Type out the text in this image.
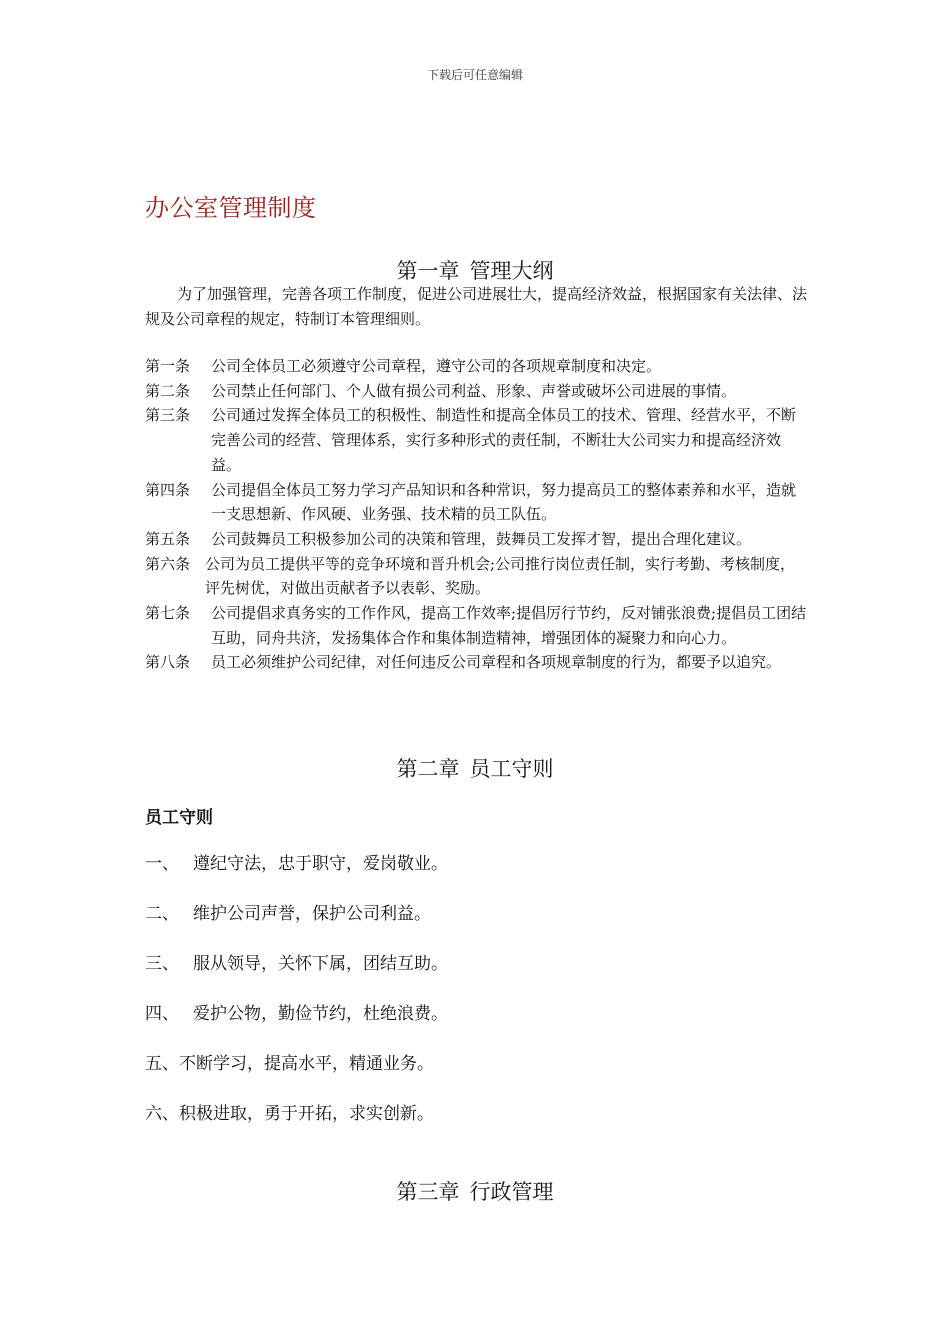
下载后可任意编辑
办公室管理制度
第一章 管理大纲

为了加强管理，完善各项工作制度，促进公司进展壮大，提高经济效益，根据国家有关法律、法规及公司章程的规定，特制订本管理细则。

第一条	公司全体员工必须遵守公司章程，遵守公司的各项规章制度和决定。
第二条	公司禁止任何部门、个人做有损公司利益、形象、声誉或破坏公司进展的事情。
第三条	公司通过发挥全体员工的积极性、制造性和提高全体员工的技术、管理、经营水平，不断完善公司的经营、管理体系，实行多种形式的责任制，不断壮大公司实力和提高经济效益。
第四条	公司提倡全体员工努力学习产品知识和各种常识，努力提高员工的整体素养和水平，造就一支思想新、作风硬、业务强、技术精的员工队伍。
第五条	公司鼓舞员工积极参加公司的决策和管理，鼓舞员工发挥才智，提出合理化建议。
第六条 公司为员工提供平等的竞争环境和晋升机会;公司推行岗位责任制，实行考勤、考核制度，评先树优，对做出贡献者予以表彰、奖励。
第七条	公司提倡求真务实的工作作风，提高工作效率;提倡厉行节约，反对铺张浪费;提倡员工团结互助，同舟共济，发扬集体合作和集体制造精神，增强团体的凝聚力和向心力。
第八条	员工必须维护公司纪律，对任何违反公司章程和各项规章制度的行为，都要予以追究。
第二章 员工守则
员工守则
一、 遵纪守法，忠于职守，爱岗敬业。
二、 维护公司声誉，保护公司利益。
三、 服从领导，关怀下属，团结互助。
四、 爱护公物，勤俭节约，杜绝浪费。
五、 不断学习，提高水平，精通业务。
六、 积极进取，勇于开拓，求实创新。
第三章 行政管理
